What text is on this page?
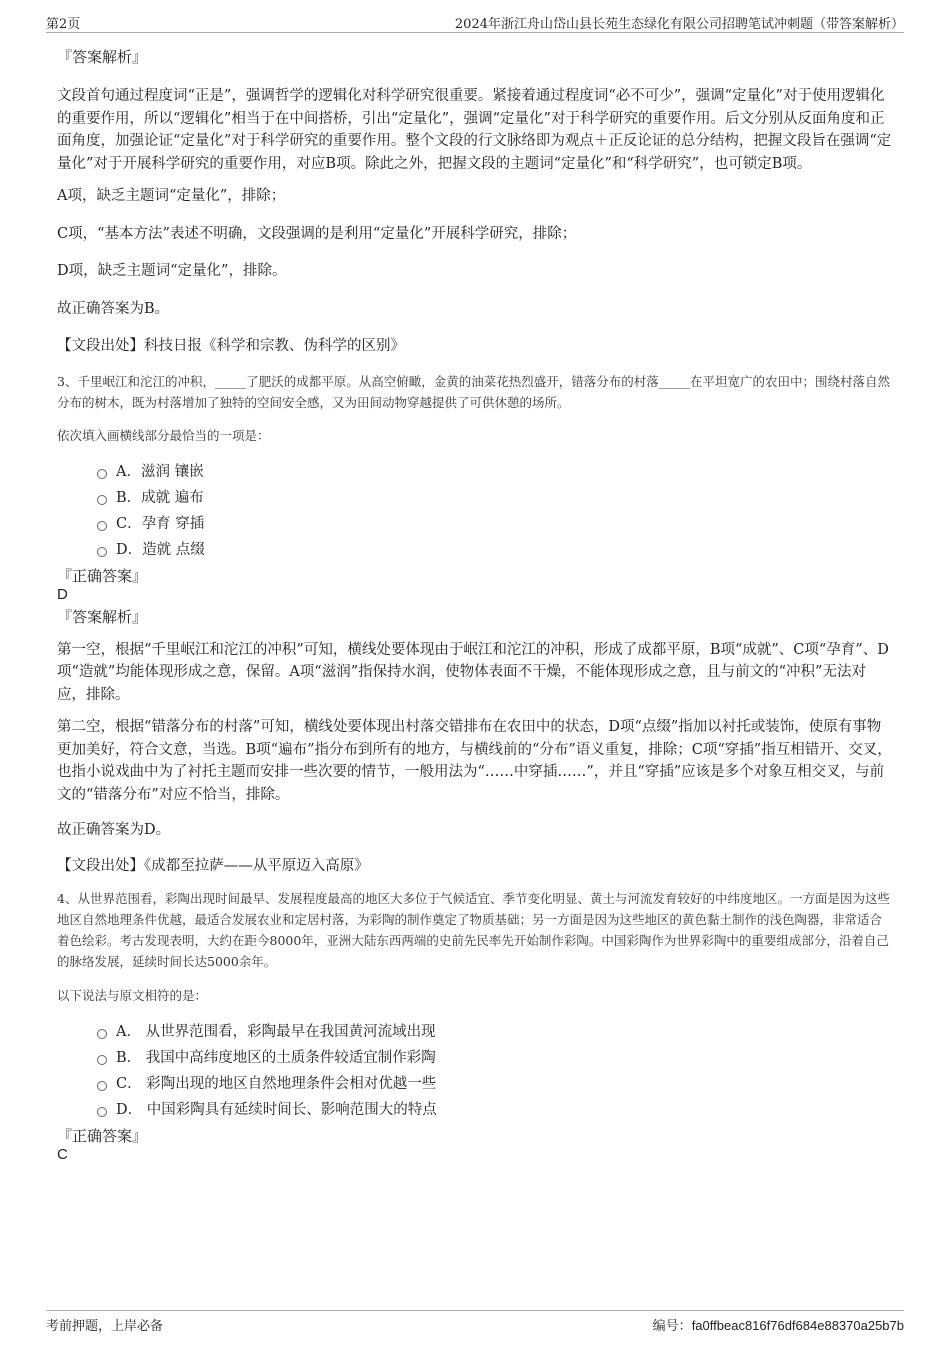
第2页	2024年浙江舟山岱山县长苑生态绿化有限公司招聘笔试冲刺题（带答案解析）

『答案解析』

文段首句通过程度词“正是”，强调哲学的逻辑化对科学研究很重要。紧接着通过程度词“必不可少”，强调“定量化”对于使用逻辑化的重要作用，所以“逻辑化”相当于在中间搭桥，引出“定量化”，强调“定量化”对于科学研究的重要作用。后文分别从反面角度和正面角度，加强论证“定量化”对于科学研究的重要作用。整个文段的行文脉络即为观点＋正反论证的总分结构，把握文段旨在强调“定量化”对于开展科学研究的重要作用，对应B项。除此之外，把握文段的主题词“定量化”和“科学研究”，也可锁定B项。

A项，缺乏主题词“定量化”，排除；

C项，“基本方法”表述不明确，文段强调的是利用“定量化”开展科学研究，排除；

D项，缺乏主题词“定量化”，排除。

故正确答案为B。

【文段出处】科技日报《科学和宗教、伪科学的区别》

3、千里岷江和沱江的冲积，_____了肥沃的成都平原。从高空俯瞰，金黄的油菜花热烈盛开，错落分布的村落_____在平坦宽广的农田中；围绕村落自然分布的树木，既为村落增加了独特的空间安全感，又为田间动物穿越提供了可供休憩的场所。

依次填入画横线部分最恰当的一项是：

A．滋润 镶嵌

B．成就 遍布

C．孕育 穿插

D．造就 点缀

『正确答案』

D

『答案解析』

第一空，根据“千里岷江和沱江的冲积”可知，横线处要体现由于岷江和沱江的冲积，形成了成都平原，B项“成就”、C项“孕育”、D项“造就”均能体现形成之意，保留。A项“滋润”指保持水润，使物体表面不干燥，不能体现形成之意，且与前文的“冲积”无法对应，排除。

第二空，根据“错落分布的村落”可知，横线处要体现出村落交错排布在农田中的状态，D项“点缀”指加以衬托或装饰，使原有事物更加美好，符合文意，当选。B项“遍布”指分布到所有的地方，与横线前的“分布”语义重复，排除；C项“穿插”指互相错开、交叉，也指小说戏曲中为了衬托主题而安排一些次要的情节，一般用法为“……中穿插……”，并且“穿插”应该是多个对象互相交叉，与前文的“错落分布”对应不恰当，排除。

故正确答案为D。

【文段出处】《成都至拉萨——从平原迈入高原》

4、从世界范围看，彩陶出现时间最早、发展程度最高的地区大多位于气候适宜、季节变化明显、黄土与河流发育较好的中纬度地区。一方面是因为这些地区自然地理条件优越，最适合发展农业和定居村落，为彩陶的制作奠定了物质基础；另一方面是因为这些地区的黄色黏土制作的浅色陶器，非常适合着色绘彩。考古发现表明，大约在距今8000年，亚洲大陆东西两端的史前先民率先开始制作彩陶。中国彩陶作为世界彩陶中的重要组成部分，沿着自己的脉络发展，延续时间长达5000余年。

以下说法与原文相符的是：

A． 从世界范围看，彩陶最早在我国黄河流域出现

B． 我国中高纬度地区的土质条件较适宜制作彩陶

C． 彩陶出现的地区自然地理条件会相对优越一些

D． 中国彩陶具有延续时间长、影响范围大的特点

『正确答案』

C

考前押题，上岸必备	编号：fa0ffbeac816f76df684e88370a25b7b
